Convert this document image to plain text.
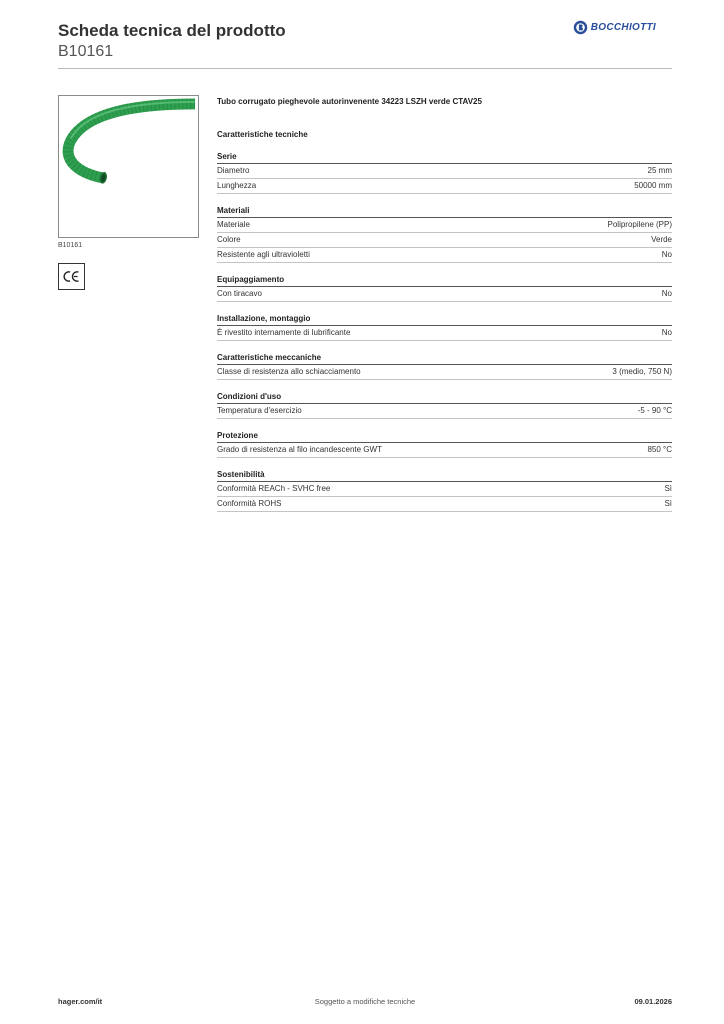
Scheda tecnica del prodotto
B10161
BOCCHIOTTI
B10161
Tubo corrugato pieghevole autorinvenente 34223 LSZH verde CTAV25
Caratteristiche tecniche
Serie
Diametro	25 mm
Lunghezza	50000 mm
Materiali
Materiale	Polipropilene (PP)
Colore	Verde
Resistente agli ultravioletti	No
Equipaggiamento
Con tiracavo	No
Installazione, montaggio
È rivestito internamente di lubrificante	No
Caratteristiche meccaniche
Classe di resistenza allo schiacciamento	3 (medio, 750 N)
Condizioni d'uso
Temperatura d'esercizio	-5 - 90 °C
Protezione
Grado di resistenza al filo incandescente GWT	850 °C
Sostenibilità
Conformità REACh - SVHC free	Sì
Conformità ROHS	Sì
Soggetto a modifiche tecniche
hager.com/it	09.01.2026
